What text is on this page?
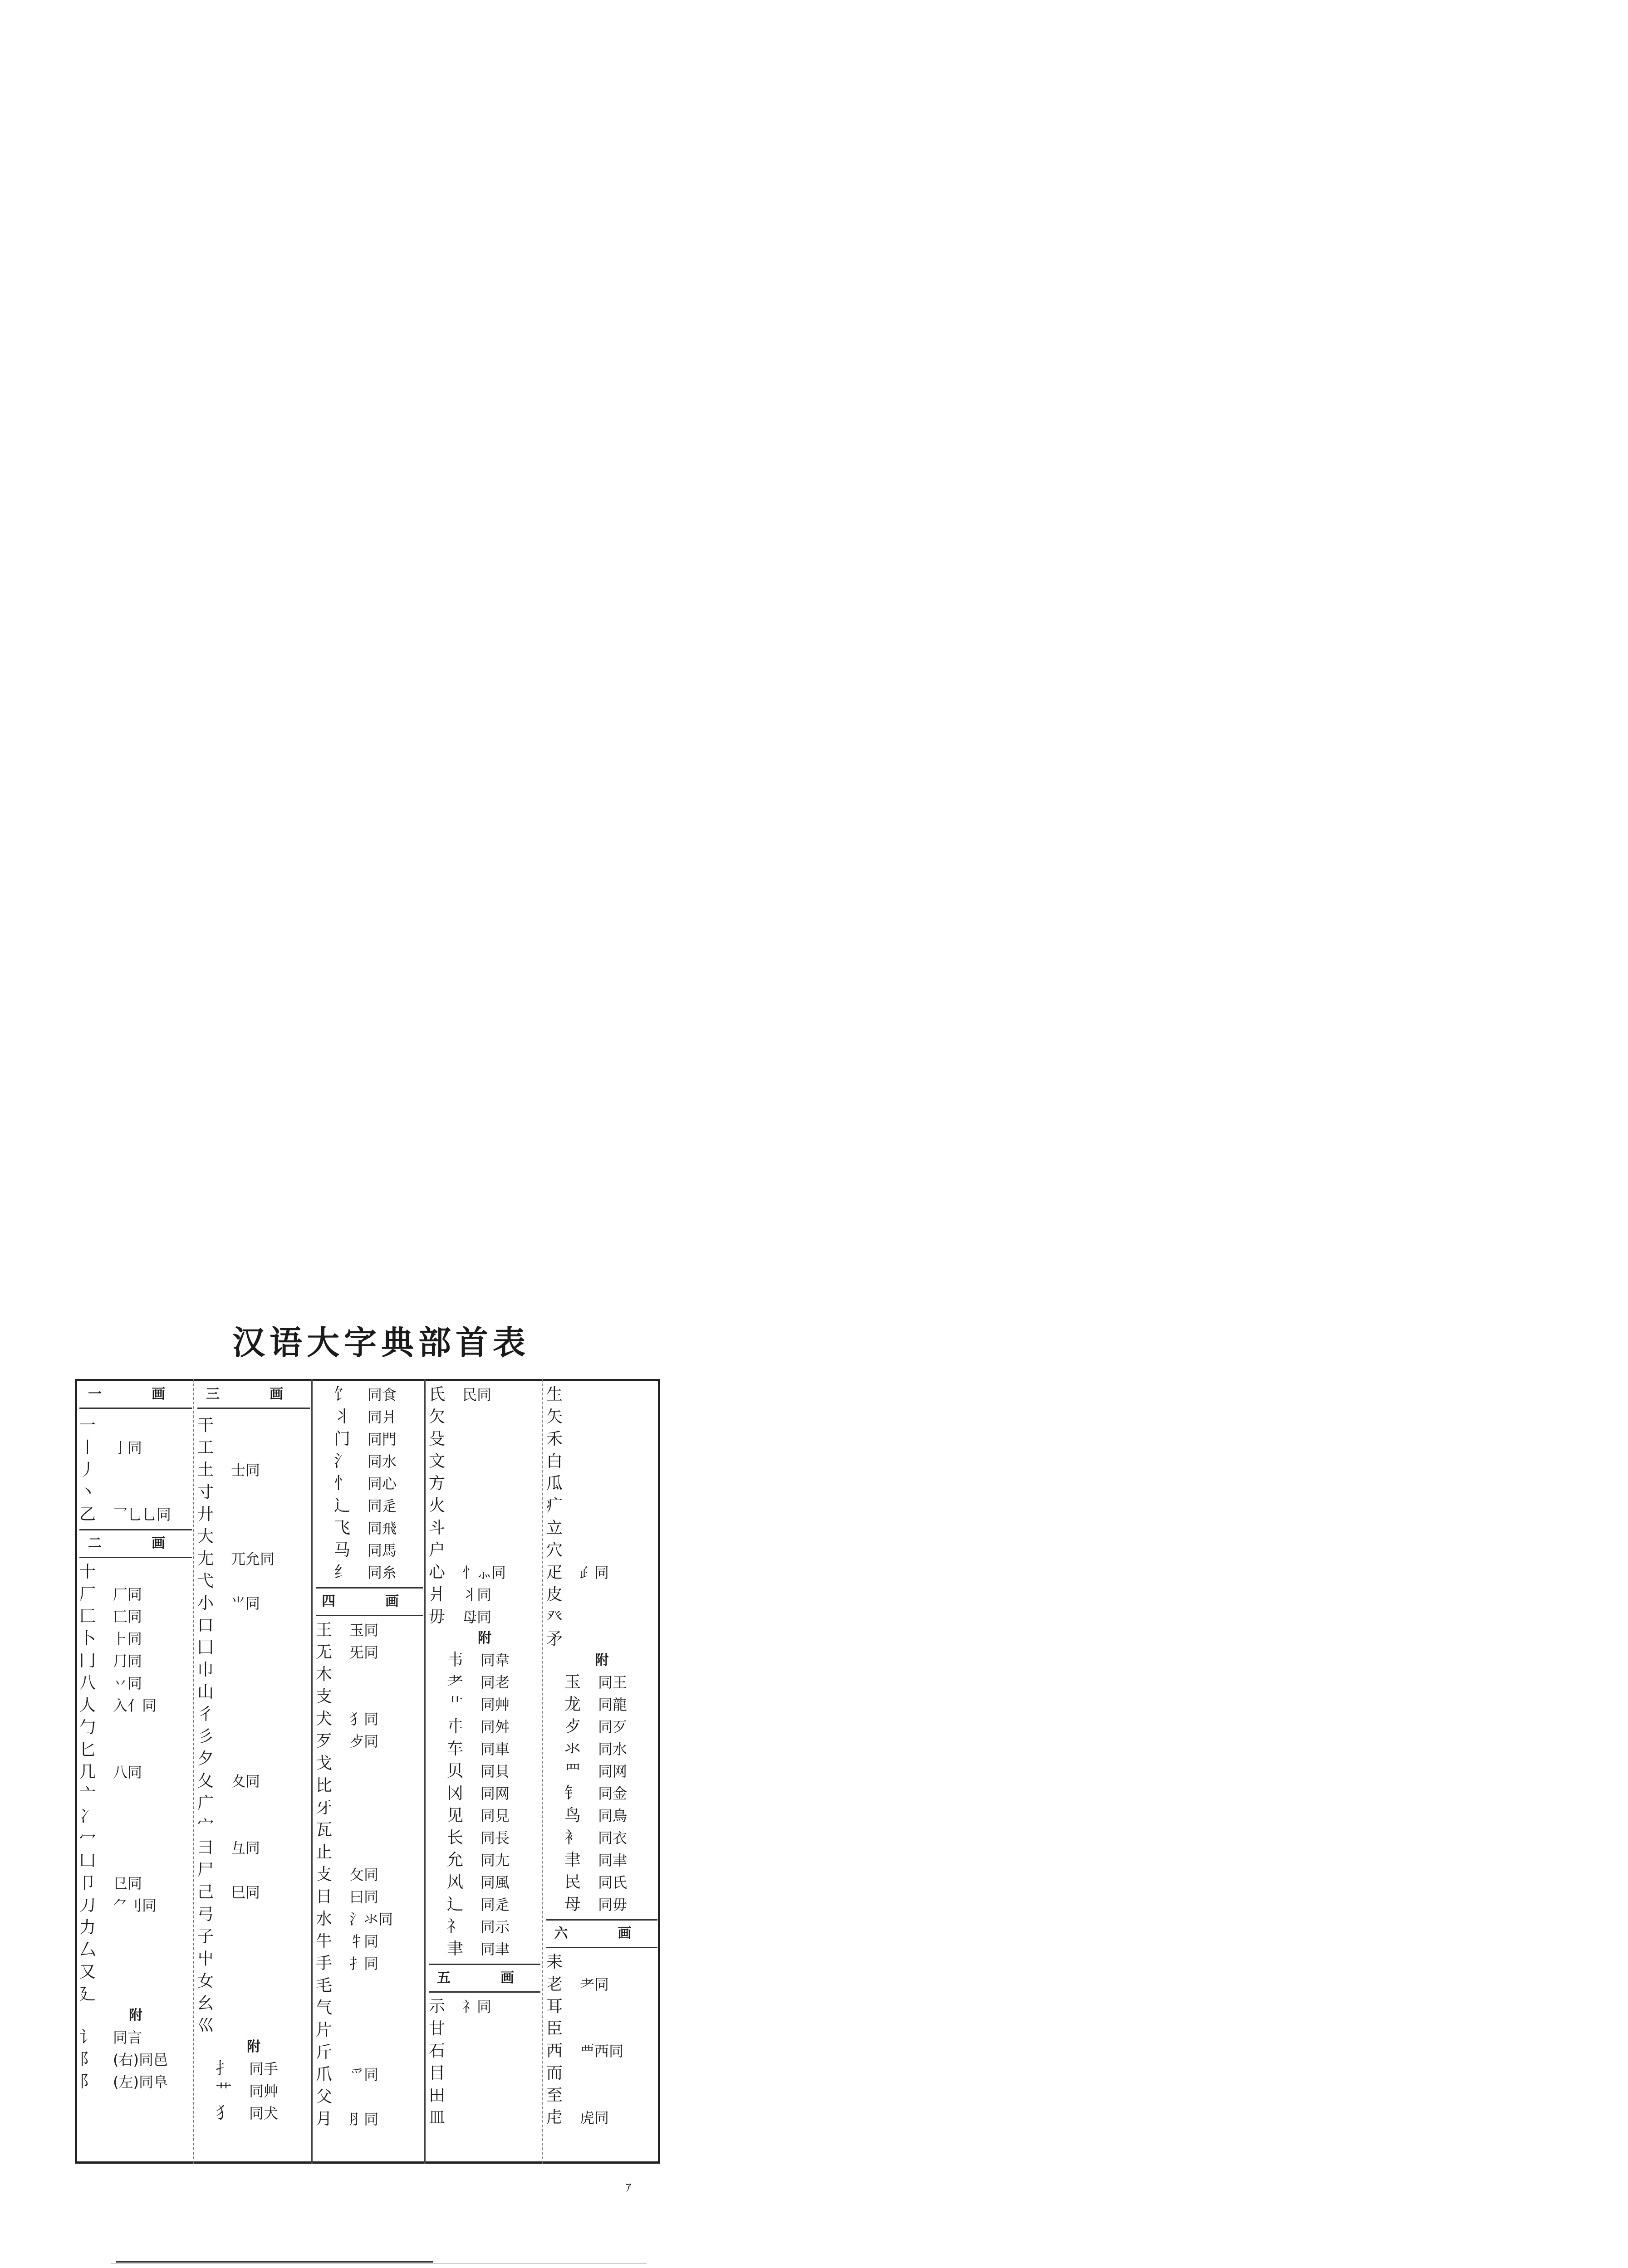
汉语大字典部首表
一　画
一
丨 亅同
丿
丶
乙 乛乚乚同
二　画
十
厂 厂同
匚 匸同
卜 ⺊同
冂 ⺆同
八 丷同
人 入亻同
勹
匕
几 八同
亠
冫
冖
凵
卩 㔾同
刀 ⺈刂同
力
厶
又
廴
附
讠 同言
阝 (右)同邑
阝 (左)同阜
三　画
干
工
土 士同
寸
廾
大
尢 兀允同
弋
小 ⺌同
口
囗
巾
山
彳
彡
夕
夂 夊同
广
宀
彐 彑同
尸
己 巳同
弓
子
屮
女
幺
巛
附
扌 同手
艹 同艸
犭 同犬
饣 同食
丬 同爿
门 同門
氵 同水
忄 同心
辶 同辵
飞 同飛
马 同馬
纟 同糸
四　画
王 玉同
无 旡同
木
支
犬 犭同
歹 歺同
戈
比
牙
瓦
止
攴 攵同
日 曰同
水 氵氺同
牛 牜同
手 扌同
毛
气
片
斤
爪 爫同
父
月 ⺼同
氏 民同
欠
殳
文
方
火
斗
户
心 忄⺗同
爿 丬同
毋 母同
附
韦 同韋
耂 同老
艹 同艸
㐄 同舛
车 同車
贝 同貝
冈 同网
见 同見
长 同長
允 同尢
风 同風
辶 同辵
礻 同示
聿 同聿
五　画
示 礻同
甘
石
目
田
皿
生
矢
禾
白
瓜
疒
立
穴
疋 ⺪同
皮
癶
矛
附
玉 同王
龙 同龍
歺 同歹
氺 同水
罒 同网
钅 同金
鸟 同鳥
衤 同衣
聿 同聿
民 同氏
母 同毋
六　画
耒
老 耂同
耳
臣
西 覀西同
而
至
虍 虎同
ｧ
